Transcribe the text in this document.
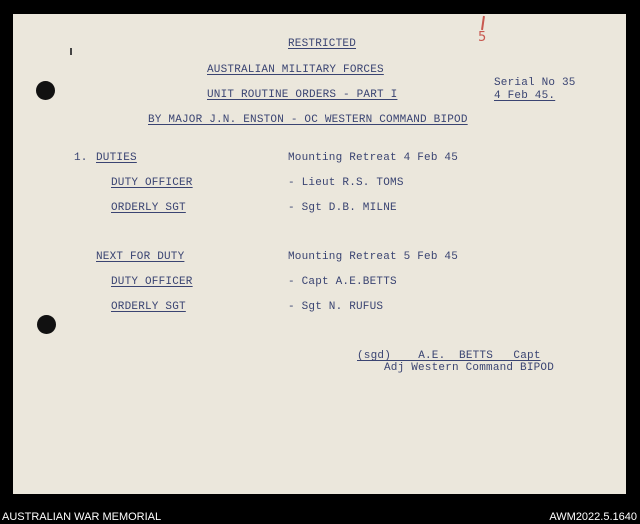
5
RESTRICTED
AUSTRALIAN MILITARY FORCES
UNIT ROUTINE ORDERS - PART I
Serial No 35
4 Feb 45.
BY MAJOR J.N. ENSTON - OC WESTERN COMMAND BIPOD
1. DUTIES	Mounting Retreat 4 Feb 45
DUTY OFFICER	- Lieut R.S. TOMS
ORDERLY SGT	- Sgt D.B. MILNE
NEXT FOR DUTY	Mounting Retreat 5 Feb 45
DUTY OFFICER	- Capt A.E.BETTS
ORDERLY SGT	- Sgt N. RUFUS
(sgd)    A.E.  BETTS   Capt
Adj Western Command BIPOD
AUSTRALIAN WAR MEMORIAL	AWM2022.5.1640
